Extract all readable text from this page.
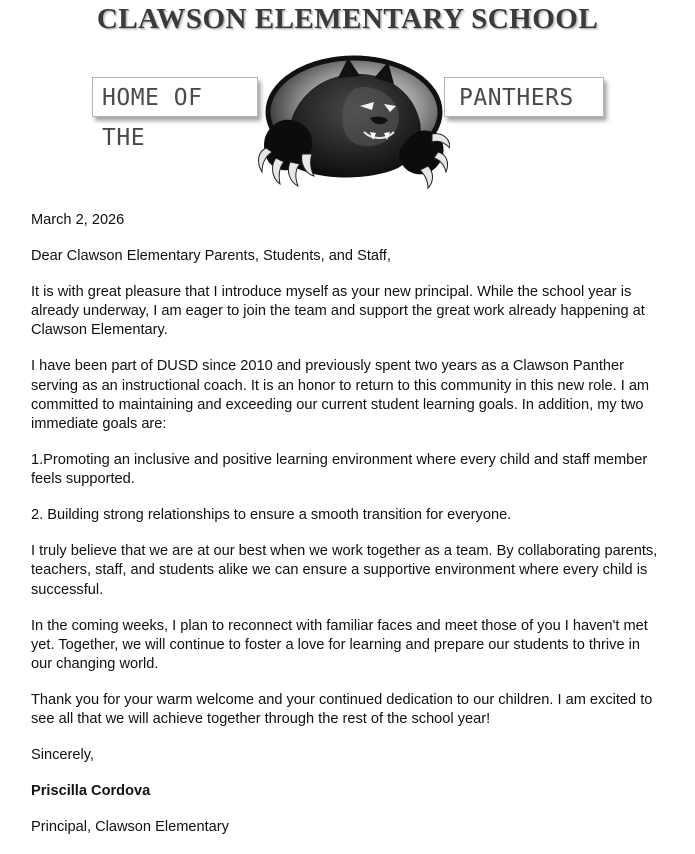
CLAWSON ELEMENTARY SCHOOL
HOME OF THE
PANTHERS

March 2, 2026

Dear Clawson Elementary Parents, Students, and Staff,

It is with great pleasure that I introduce myself as your new principal. While the school year is already underway, I am eager to join the team and support the great work already happening at Clawson Elementary.

I have been part of DUSD since 2010 and previously spent two years as a Clawson Panther serving as an instructional coach. It is an honor to return to this community in this new role. I am committed to maintaining and exceeding our current student learning goals. In addition, my two immediate goals are:

1.Promoting an inclusive and positive learning environment where every child and staff member feels supported.

2. Building strong relationships to ensure a smooth transition for everyone.

I truly believe that we are at our best when we work together as a team. By collaborating parents, teachers, staff, and students alike we can ensure a supportive environment where every child is successful.

In the coming weeks, I plan to reconnect with familiar faces and meet those of you I haven't met yet. Together, we will continue to foster a love for learning and prepare our students to thrive in our changing world.

Thank you for your warm welcome and your continued dedication to our children. I am excited to see all that we will achieve together through the rest of the school year!

Sincerely,

Priscilla Cordova

Principal, Clawson Elementary
